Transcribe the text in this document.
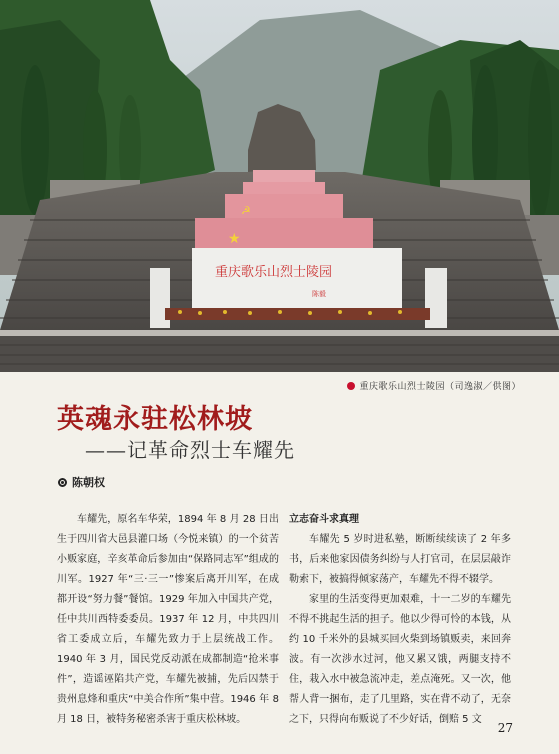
★
☭
重庆歌乐山烈士陵园
陈毅
重庆歌乐山烈士陵园（司逸淑／供图）
英魂永驻松林坡
——记革命烈士车耀先
陈朝权

车耀先，原名车华荣，1894 年 8 月 28 日出生于四川省大邑县灌口场（今悦来镇）的一个贫苦小贩家庭，辛亥革命后参加由“保路同志军”组成的川军。1927 年“三·三一”惨案后离开川军，在成都开设“努力餐”餐馆。1929 年加入中国共产党，任中共川西特委委员。1937 年 12 月，中共四川省工委成立后，车耀先致力于上层统战工作。1940 年 3 月，国民党反动派在成都制造“抢米事件”，造谣诬陷共产党，车耀先被捕，先后囚禁于贵州息烽和重庆“中美合作所”集中营。1946 年 8 月 18 日，被特务秘密杀害于重庆松林坡。

立志奋斗求真理

车耀先 5 岁时进私塾，断断续续读了 2 年多书，后来他家因债务纠纷与人打官司，在层层敲诈勒索下，被搞得倾家荡产，车耀先不得不辍学。

家里的生活变得更加艰难，十一二岁的车耀先不得不挑起生活的担子。他以少得可怜的本钱，从约 10 千米外的县城买回火柴到场镇贩卖，来回奔波。有一次涉水过河，他又累又饿，两腿支持不住，栽入水中被急流冲走，差点淹死。又一次，他帮人背一捆布，走了几里路，实在背不动了，无奈之下，只得向布贩说了不少好话，倒赔 5 文

27
